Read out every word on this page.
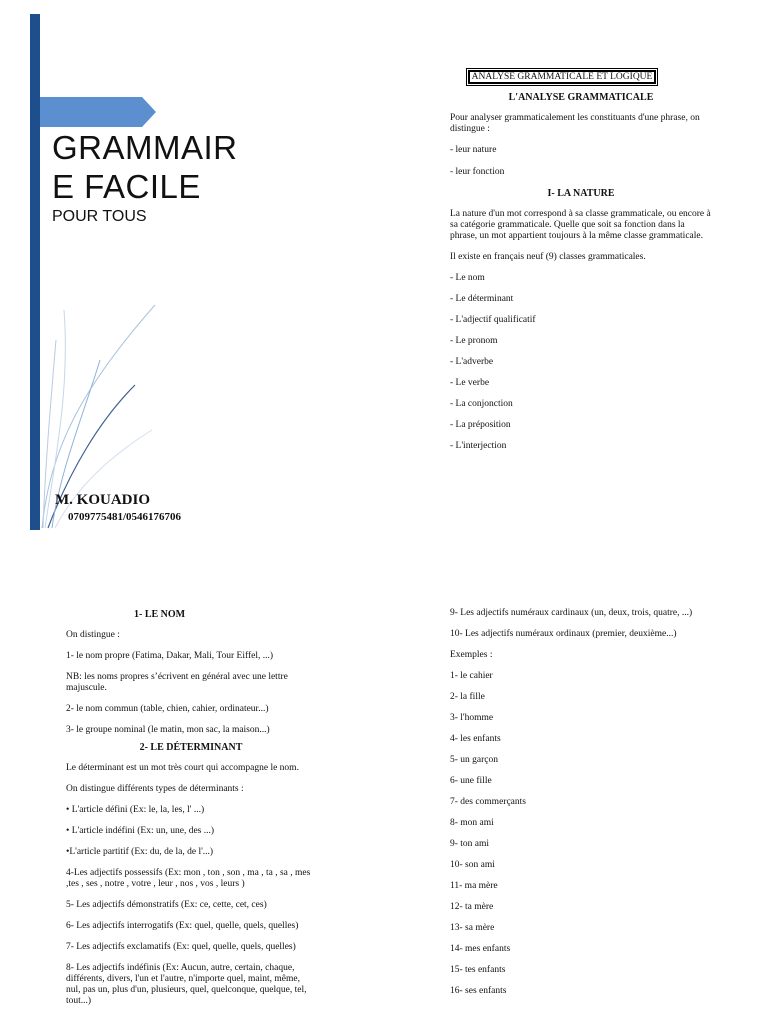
GRAMMAIR
E FACILE
POUR TOUS
M. KOUADIO
0709775481/0546176706
ANALYSE GRAMMATICALE ET LOGIQUE

L'ANALYSE GRAMMATICALE

Pour analyser grammaticalement les constituants d'une phrase, on distingue :

- leur nature

- leur fonction

I- LA NATURE

La nature d'un mot correspond à sa classe grammaticale, ou encore à sa catégorie grammaticale. Quelle que soit sa fonction dans la phrase, un mot appartient toujours à la même classe grammaticale.

Il existe en français neuf (9) classes grammaticales.

- Le nom

- Le déterminant

- L'adjectif qualificatif

- Le pronom

- L'adverbe

- Le verbe

- La conjonction

- La préposition

- L'interjection

1- LE NOM

On distingue :

1- le nom propre (Fatima, Dakar, Mali, Tour Eiffel, ...)

NB: les noms propres s’écrivent en général avec une lettre majuscule.

2- le nom commun (table, chien, cahier, ordinateur...)

3- le groupe nominal (le matin, mon sac, la maison...)

2- LE DÉTERMINANT

Le déterminant est un mot très court qui accompagne le nom.

On distingue différents types de déterminants :

• L'article défini (Ex: le, la, les, l' ...)

• L'article indéfini (Ex: un, une, des ...)

•L'article partitif (Ex: du, de la, de l'...)

4-Les adjectifs possessifs (Ex: mon , ton , son , ma , ta , sa , mes ,tes , ses , notre , votre , leur , nos , vos , leurs )

5- Les adjectifs démonstratifs (Ex: ce, cette, cet, ces)

6- Les adjectifs interrogatifs (Ex: quel, quelle, quels, quelles)

7- Les adjectifs exclamatifs (Ex: quel, quelle, quels, quelles)

8- Les adjectifs indéfinis (Ex: Aucun, autre, certain, chaque, différents, divers, l'un et l'autre, n'importe quel, maint, même, nul, pas un, plus d'un, plusieurs, quel, quelconque, quelque, tel, tout...)

9- Les adjectifs numéraux cardinaux (un, deux, trois, quatre, ...)

10- Les adjectifs numéraux ordinaux (premier, deuxième...)

Exemples :

1- le cahier

2- la fille

3- l'homme

4- les enfants

5- un garçon

6- une fille

7- des commerçants

8- mon ami

9- ton ami

10- son ami

11- ma mère

12- ta mère

13- sa mère

14- mes enfants

15- tes enfants

16- ses enfants
